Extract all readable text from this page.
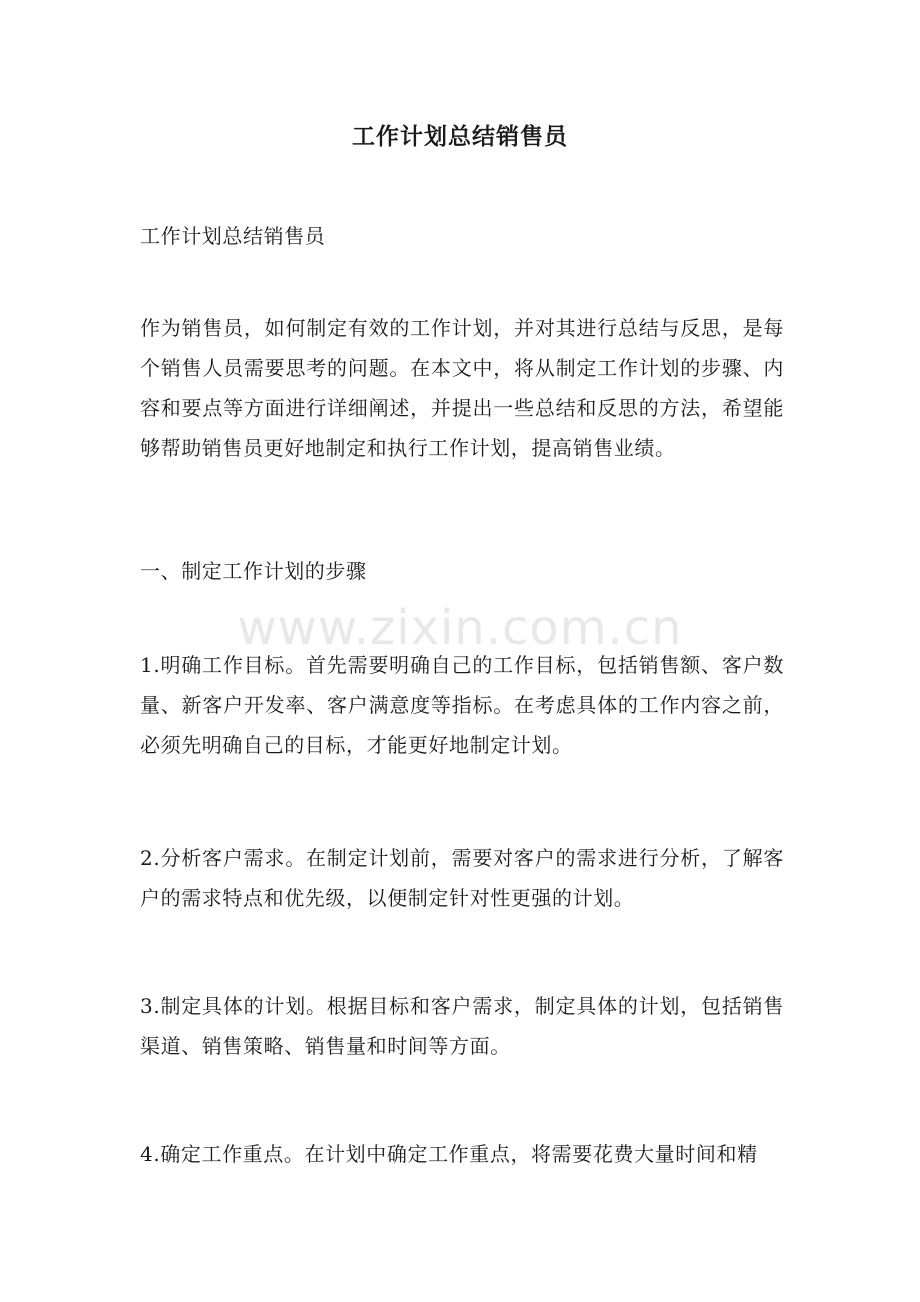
工作计划总结销售员

工作计划总结销售员

作为销售员，如何制定有效的工作计划，并对其进行总结与反思，是每个销售人员需要思考的问题。在本文中，将从制定工作计划的步骤、内容和要点等方面进行详细阐述，并提出一些总结和反思的方法，希望能够帮助销售员更好地制定和执行工作计划，提高销售业绩。

一、制定工作计划的步骤

1.明确工作目标。首先需要明确自己的工作目标，包括销售额、客户数量、新客户开发率、客户满意度等指标。在考虑具体的工作内容之前，必须先明确自己的目标，才能更好地制定计划。

2.分析客户需求。在制定计划前，需要对客户的需求进行分析，了解客户的需求特点和优先级，以便制定针对性更强的计划。

3.制定具体的计划。根据目标和客户需求，制定具体的计划，包括销售渠道、销售策略、销售量和时间等方面。

4.确定工作重点。在计划中确定工作重点，将需要花费大量时间和精

www.zixin.com.cn
